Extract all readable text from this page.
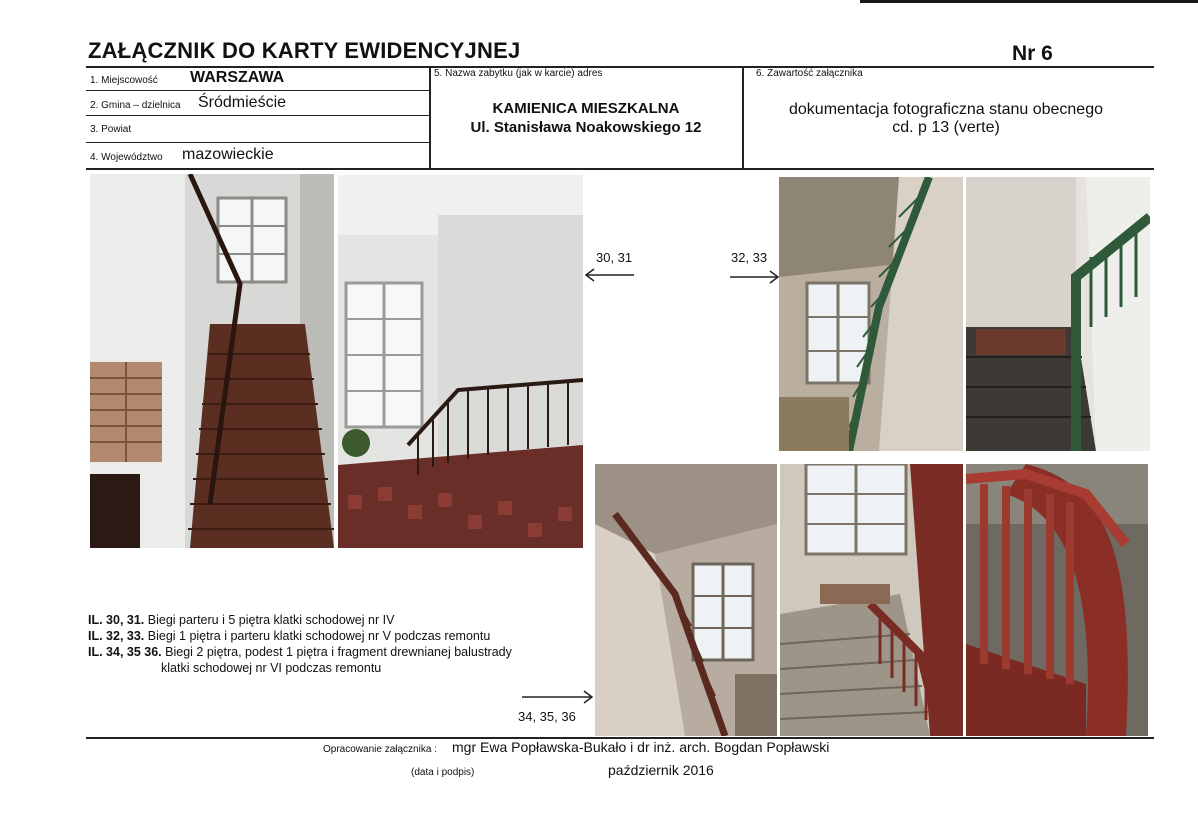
ZAŁĄCZNIK DO KARTY EWIDENCYJNEJ	Nr 6
1. Miejscowość WARSZAWA
2. Gmina – dzielnica Śródmieście
3. Powiat
4. Województwo mazowieckie
5. Nazwa zabytku (jak w karcie) adres
KAMIENICA MIESZKALNA
Ul. Stanisława Noakowskiego 12
6. Zawartość załącznika
dokumentacja fotograficzna stanu obecnego
cd. p 13 (verte)
30, 31	32, 33
34, 35, 36
IL. 30, 31. Biegi parteru i 5 piętra klatki schodowej nr IV
IL. 32, 33. Biegi 1 piętra i parteru klatki schodowej nr V podczas remontu
IL. 34, 35 36. Biegi 2 piętra, podest 1 piętra i fragment drewnianej balustrady
klatki schodowej nr VI podczas remontu
Opracowanie załącznika : mgr Ewa Popławska-Bukało i dr inż. arch. Bogdan Popławski
(data i podpis)	październik 2016
